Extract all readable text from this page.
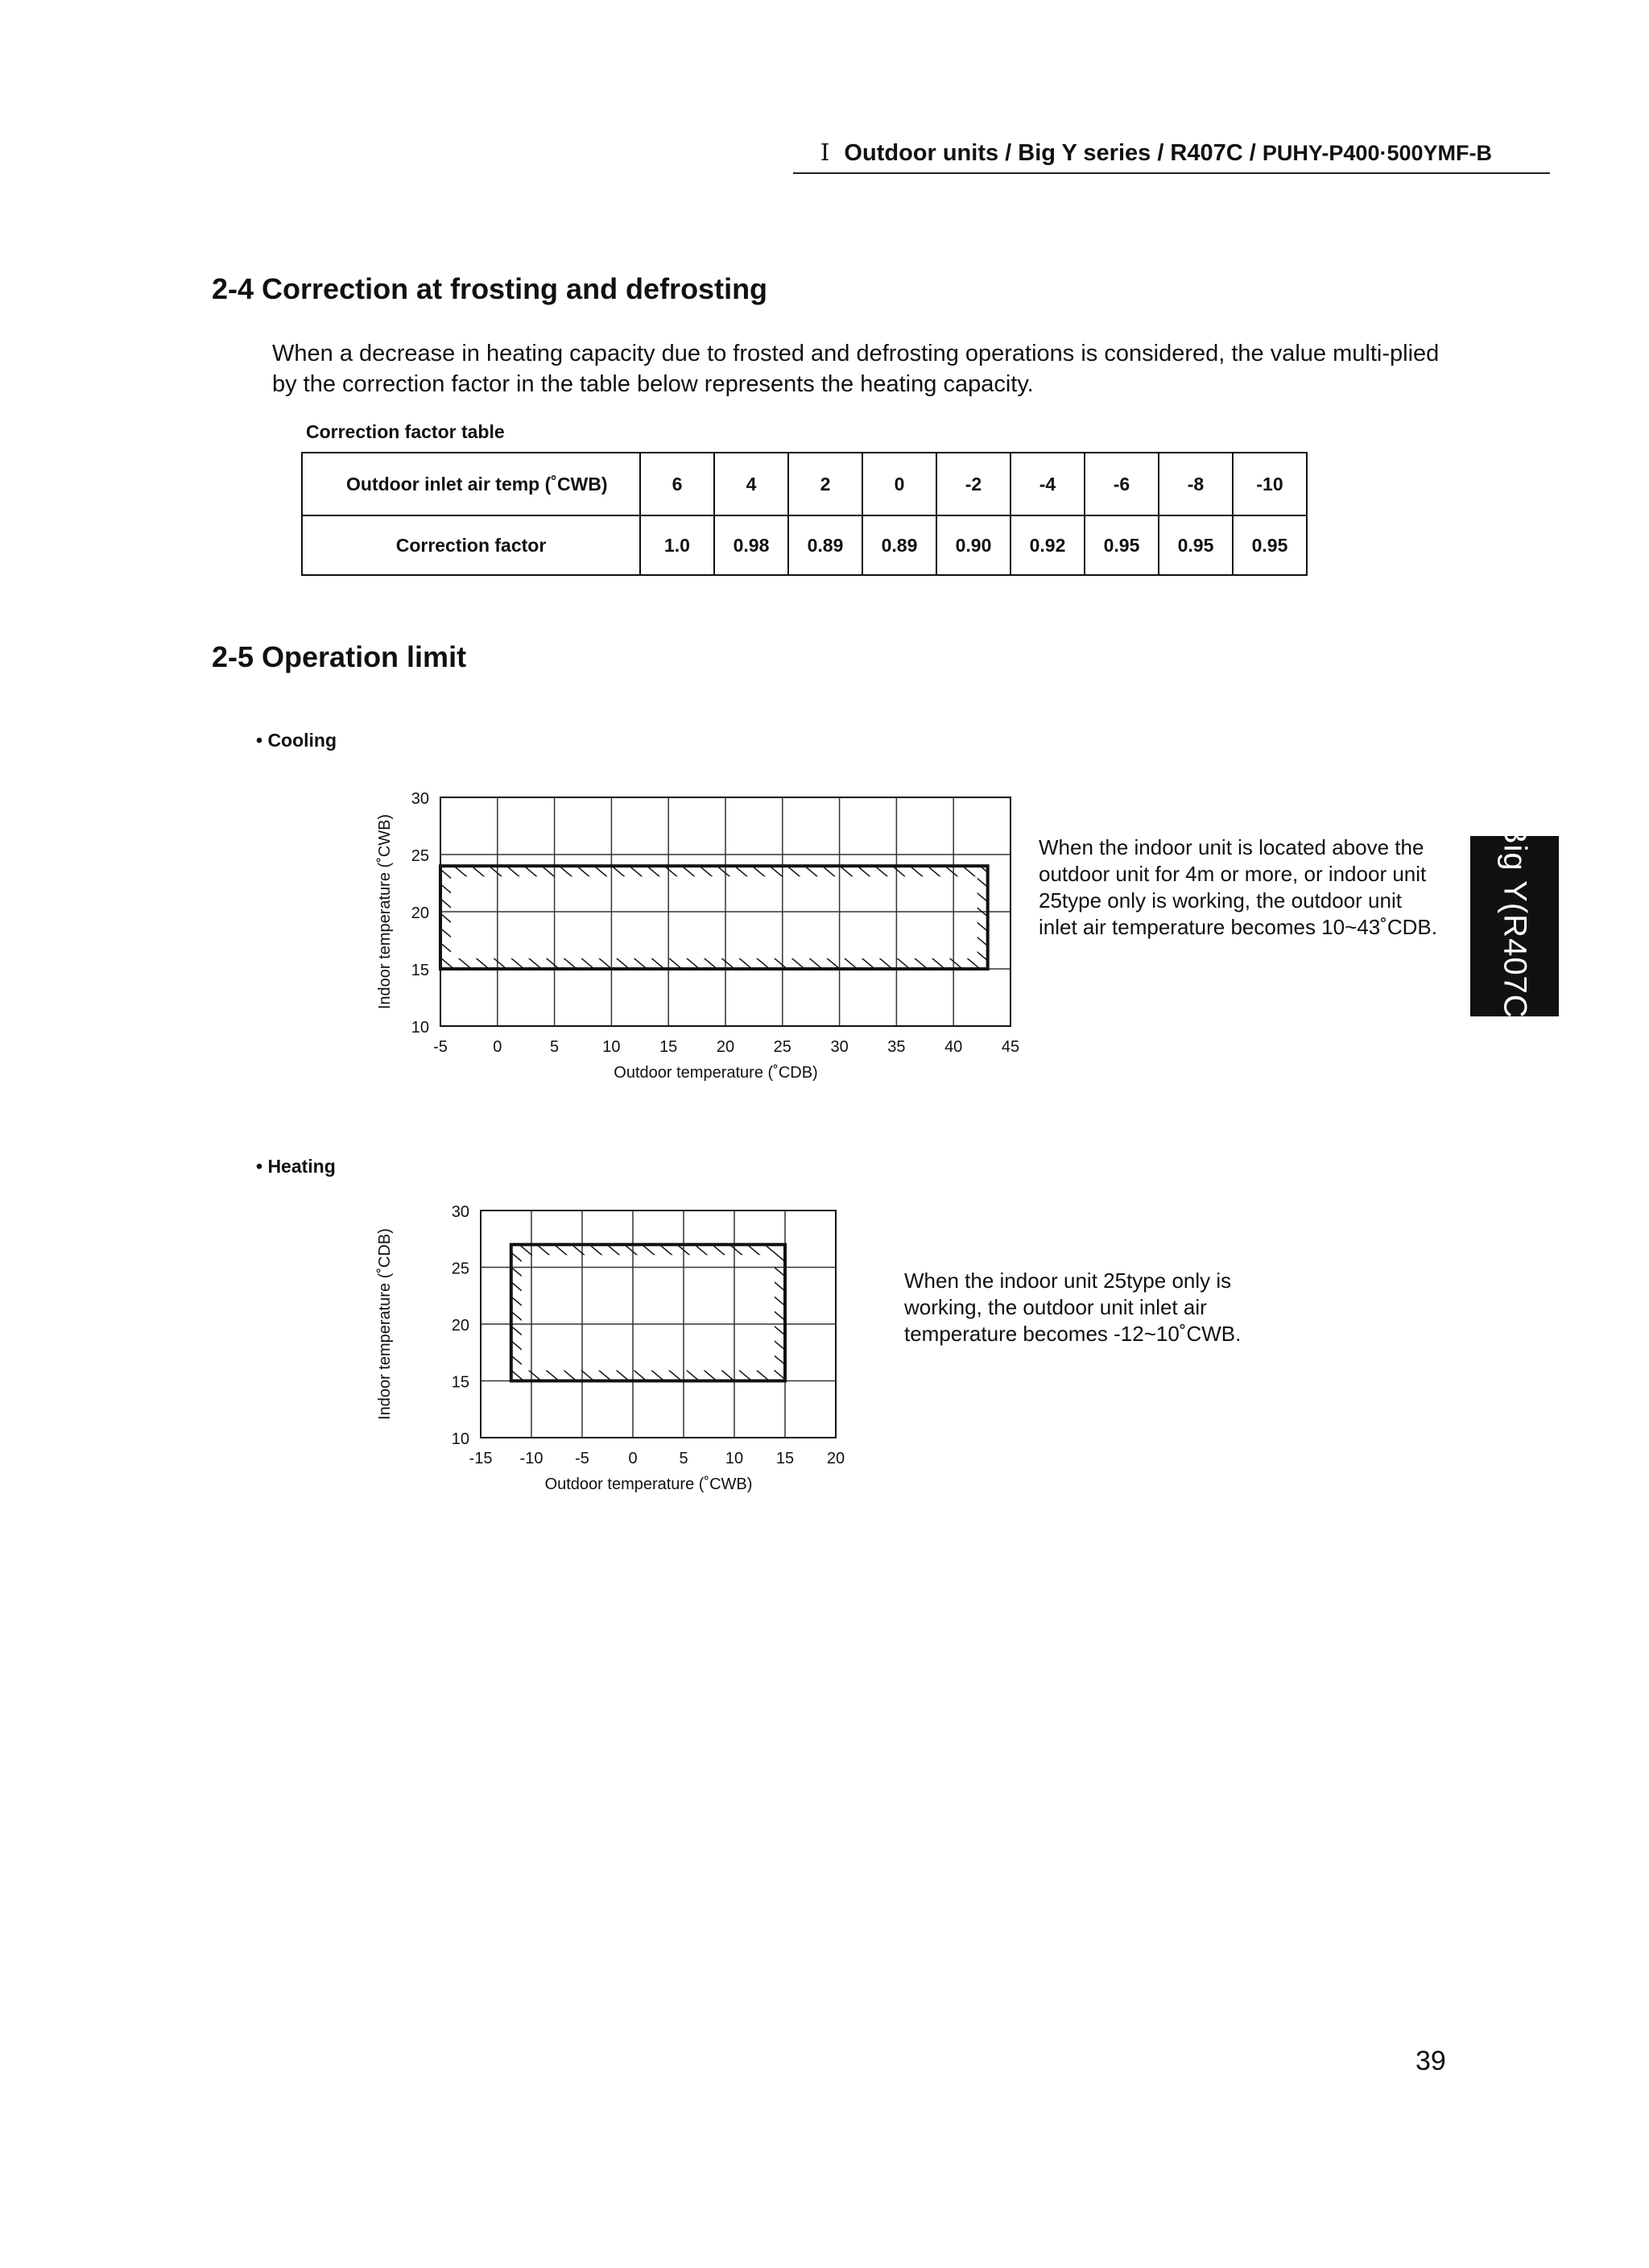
I Outdoor units / Big Y series / R407C / PUHY-P400·500YMF-B
2-4 Correction at frosting and defrosting
When a decrease in heating capacity due to frosted and defrosting operations is considered, the value multi-plied by the correction factor in the table below represents the heating capacity.
Correction factor table
Outdoor inlet air temp (˚CWB)	6	4	2	0	-2	-4	-6	-8	-10
Correction factor	1.0	0.98	0.89	0.89	0.90	0.92	0.95	0.95	0.95
2-5 Operation limit
• Cooling
• Heating
When the indoor unit is located above the outdoor unit for 4m or more, or indoor unit 25type only is working, the outdoor unit inlet air temperature becomes 10~43˚CDB.
When the indoor unit 25type only is working, the outdoor unit inlet air temperature becomes -12~10˚CWB.
10
15
20
25
30
-5	0	5	10 15 20 25 30 35 40 45
Outdoor temperature (˚CDB)
Indoor temperature (˚CWB)
10
15
20
25
30
-15 -10 -5 0	5 10 15 20
Outdoor temperature (˚CWB)
Indoor temperature (˚CDB)
Big Y(R407C)
39
